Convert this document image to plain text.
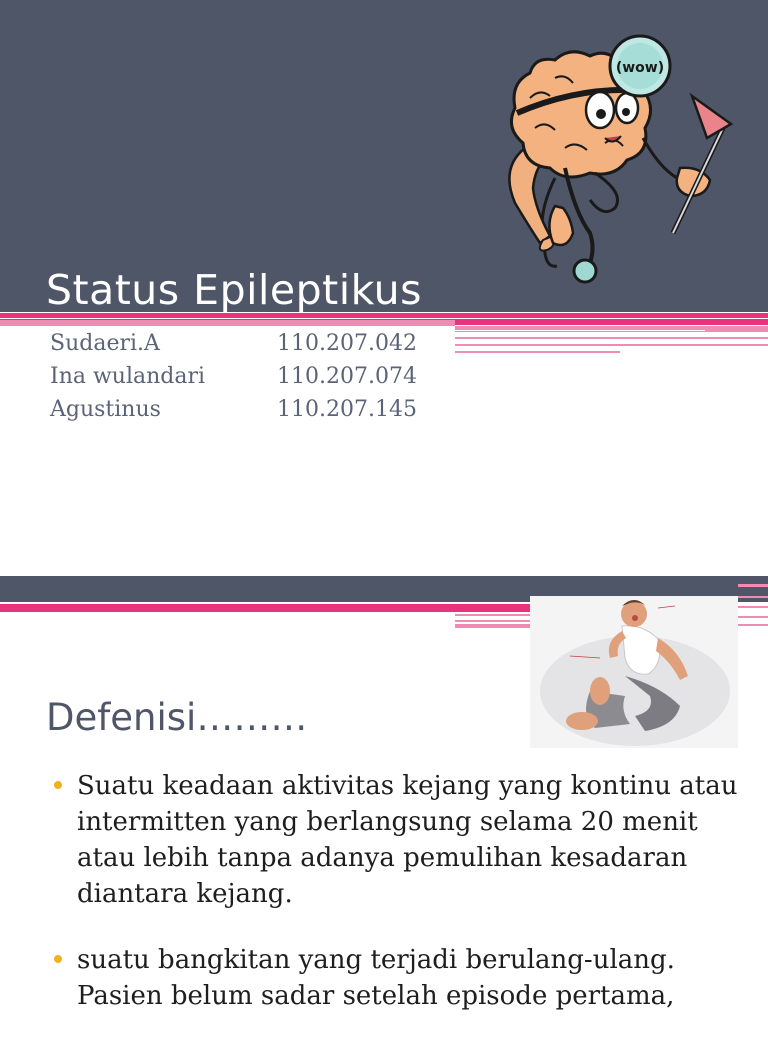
Status Epileptikus
(wow)
Sudaeri.A	110.207.042
Ina wulandari	110.207.074
Agustinus	110.207.145
Defenisi………
Suatu keadaan aktivitas kejang yang kontinu atau intermitten yang berlangsung selama 20 menit atau lebih tanpa adanya pemulihan kesadaran diantara kejang.
suatu bangkitan yang terjadi berulang-ulang. Pasien belum sadar setelah episode pertama,
